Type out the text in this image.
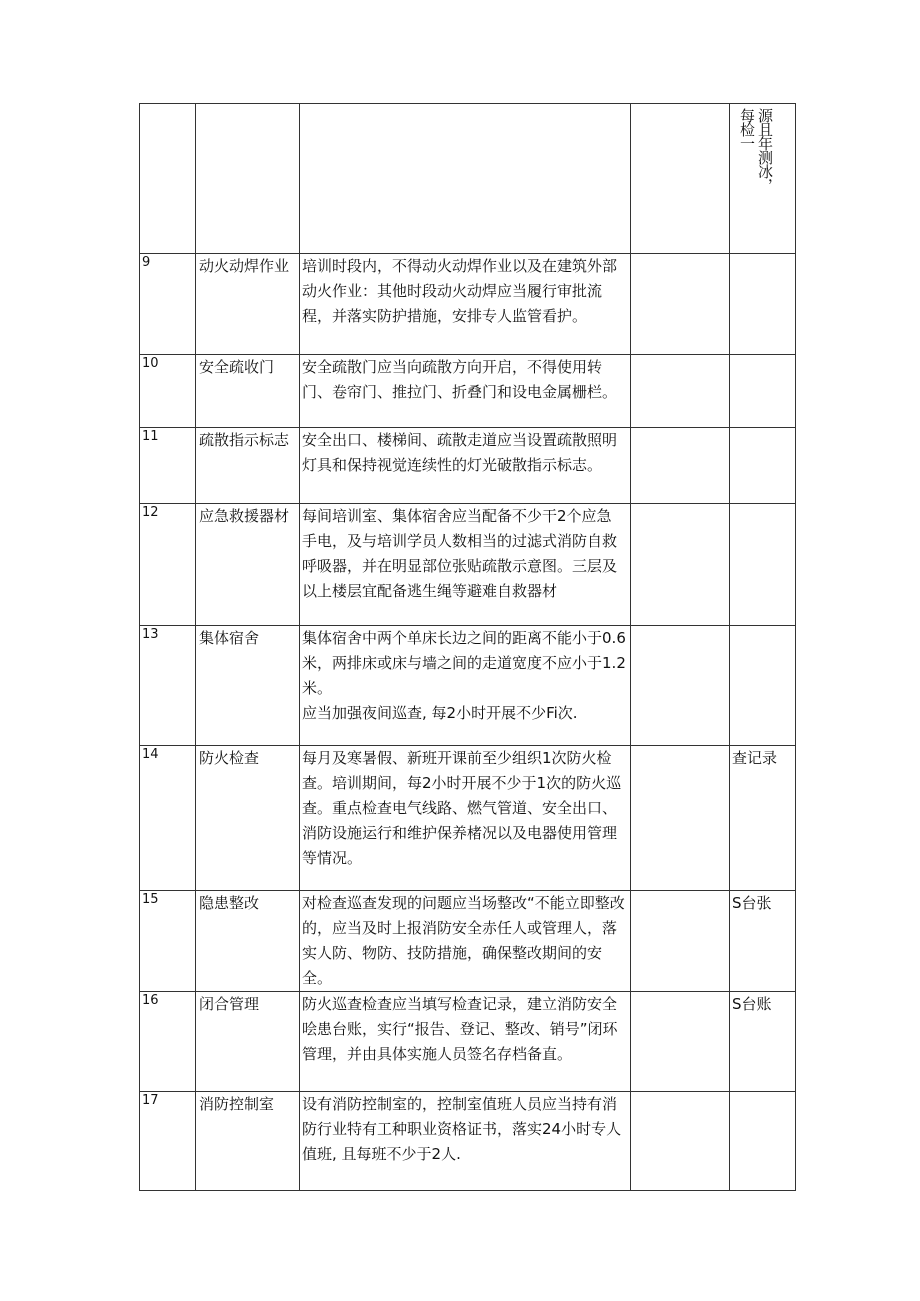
				源且年测冰，每检一

9	动火动焊作业	培训时段内，不得动火动焊作业以及在建筑外部动火作业：其他时段动火动焊应当履行审批流程，并落实防护措施，安排专人监管看护。		

10	安全疏收门	安全疏散门应当向疏散方向开启，不得使用转门、卷帘门、推拉门、折叠门和设电金属栅栏。		

11	疏散指示标志	安全出口、楼梯间、疏散走道应当设置疏散照明灯具和保持视觉连续性的灯光破散指示标志。		

12	应急救援器材	每间培训室、集体宿舍应当配备不少干2个应急手电，及与培训学员人数相当的过滤式消防自救呼吸器，并在明显部位张贴疏散示意图。三层及以上楼层宜配备逃生绳等避难自救器材		

13	集体宿舍	集体宿舍中两个单床长边之间的距离不能小于0.6米，两排床或床与墙之间的走道宽度不应小于1.2米。
应当加强夜间巡查, 每2小时开展不少Fi次.		

14	防火检查	每月及寒暑假、新班开课前至少组织1次防火检查。培训期间，每2小时开展不少于1次的防火巡查。重点检查电气线路、燃气管道、安全出口、消防设施运行和维护保养楮况以及电器使用管理等情况。		查记录
15	隐患整改	对检查巡查发现的问题应当场整改“不能立即整改的，应当及时上报消防安全赤任人或管理人，落实人防、物防、技防措施，确保整改期间的安全。		S台张
16	闭合管理	防火巡查检查应当填写检查记录，建立消防安全哙患台账，实行“报告、登记、整改、销号”闭环管理，并由具体实施人员签名存档备直。		S台账
17	消防控制室	设有消防控制室的，控制室值班人员应当持有消防行业特有工种职业资格证书，落实24小时专人值班, 且每班不少于2人.		
